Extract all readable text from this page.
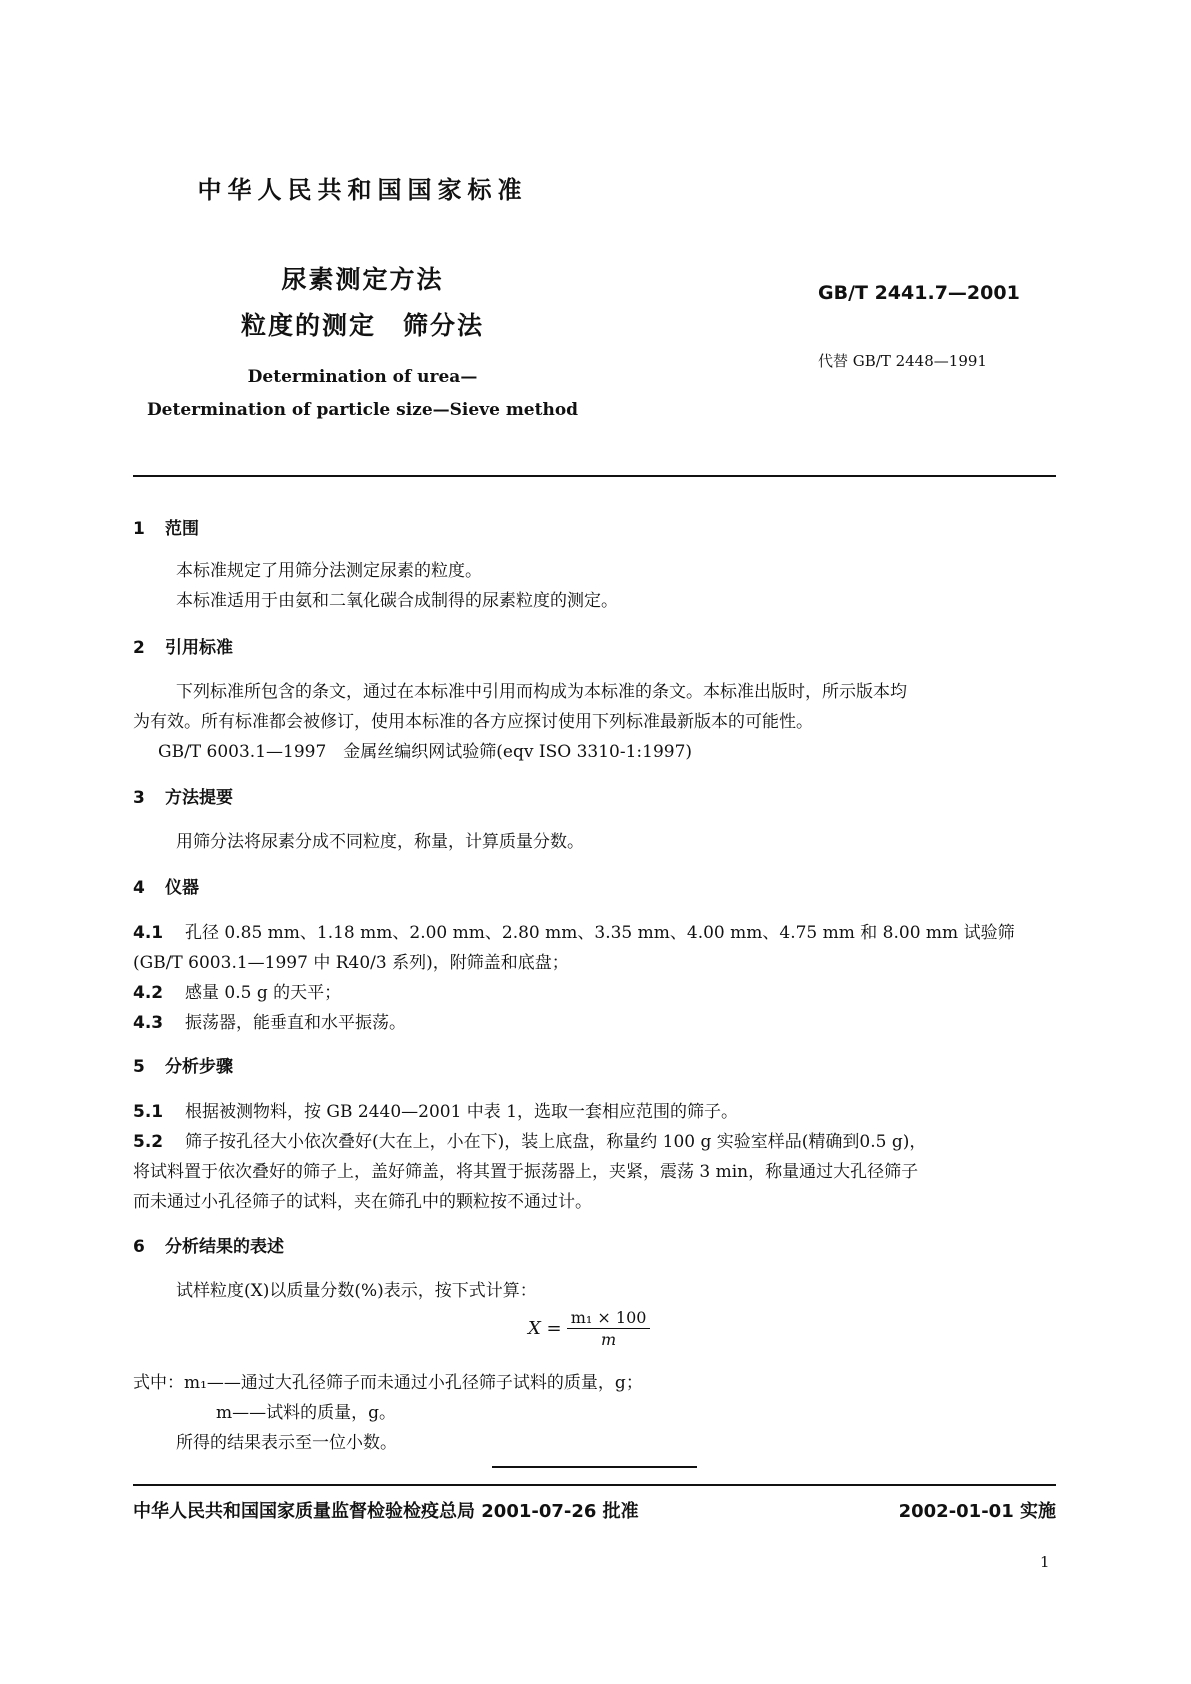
中华人民共和国国家标准
尿素测定方法
粒度的测定　筛分法
Determination of urea—
Determination of particle size—Sieve method
GB/T 2441.7—2001
代替 GB/T 2448—1991
1 范围
本标准规定了用筛分法测定尿素的粒度。
本标准适用于由氨和二氧化碳合成制得的尿素粒度的测定。
2 引用标准
下列标准所包含的条文，通过在本标准中引用而构成为本标准的条文。本标准出版时，所示版本均
为有效。所有标准都会被修订，使用本标准的各方应探讨使用下列标准最新版本的可能性。
GB/T 6003.1—1997　金属丝编织网试验筛(eqv ISO 3310-1:1997)
3 方法提要
用筛分法将尿素分成不同粒度，称量，计算质量分数。
4 仪器
4.1 孔径 0.85 mm、1.18 mm、2.00 mm、2.80 mm、3.35 mm、4.00 mm、4.75 mm 和 8.00 mm 试验筛
(GB/T 6003.1—1997 中 R40/3 系列)，附筛盖和底盘；
4.2 感量 0.5 g 的天平；
4.3 振荡器，能垂直和水平振荡。
5 分析步骤
5.1 根据被测物料，按 GB 2440—2001 中表 1，选取一套相应范围的筛子。
5.2 筛子按孔径大小依次叠好(大在上，小在下)，装上底盘，称量约 100 g 实验室样品(精确到0.5 g)，
将试料置于依次叠好的筛子上，盖好筛盖，将其置于振荡器上，夹紧，震荡 3 min，称量通过大孔径筛子
而未通过小孔径筛子的试料，夹在筛孔中的颗粒按不通过计。
6 分析结果的表述
试样粒度(X)以质量分数(%)表示，按下式计算：
$X = \frac{\text{m₁ × 100}}{m}$
式中：m₁——通过大孔径筛子而未通过小孔径筛子试料的质量，g；
m——试料的质量，g。
所得的结果表示至一位小数。
中华人民共和国国家质量监督检验检疫总局 2001-07-26 批准	2002-01-01 实施
1
